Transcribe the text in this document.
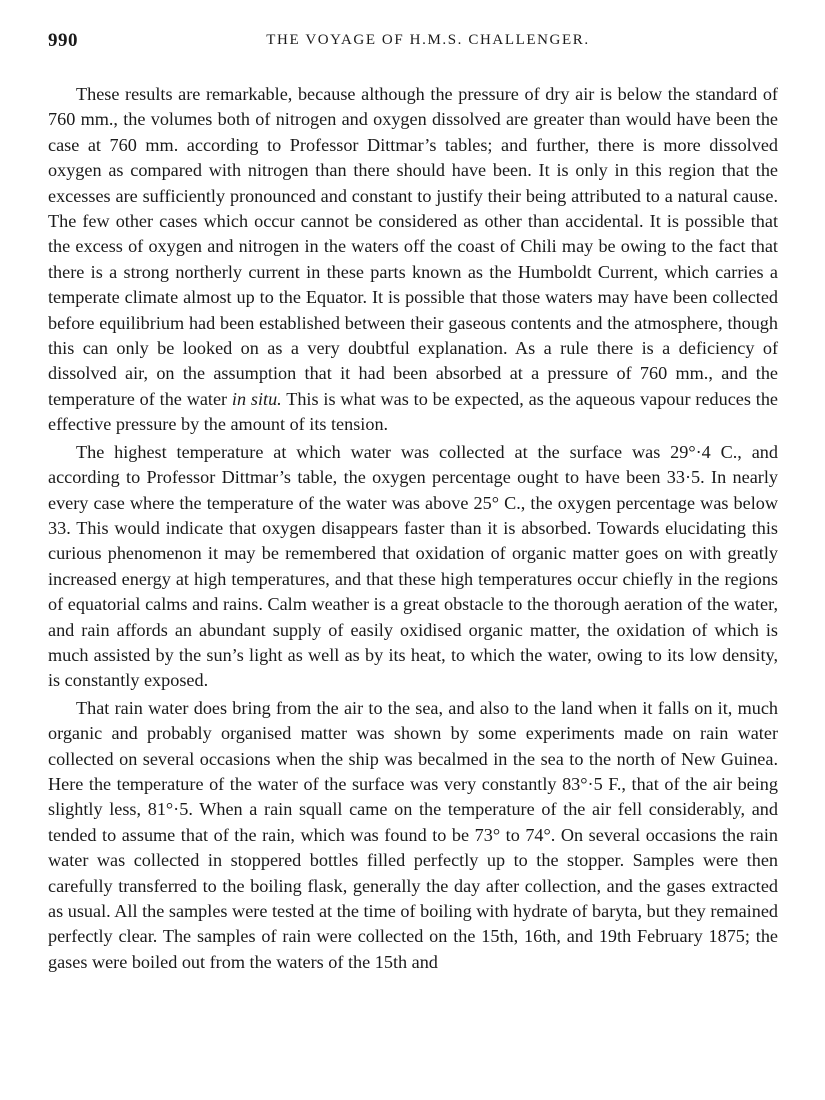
990	THE VOYAGE OF H.M.S. CHALLENGER.

These results are remarkable, because although the pressure of dry air is below the standard of 760 mm., the volumes both of nitrogen and oxygen dissolved are greater than would have been the case at 760 mm. according to Professor Dittmar’s tables; and further, there is more dissolved oxygen as compared with nitrogen than there should have been. It is only in this region that the excesses are sufficiently pronounced and constant to justify their being attributed to a natural cause. The few other cases which occur cannot be considered as other than accidental. It is possible that the excess of oxygen and nitrogen in the waters off the coast of Chili may be owing to the fact that there is a strong northerly current in these parts known as the Humboldt Current, which carries a temperate climate almost up to the Equator. It is possible that those waters may have been collected before equilibrium had been established between their gaseous contents and the atmosphere, though this can only be looked on as a very doubtful explanation. As a rule there is a deficiency of dissolved air, on the assumption that it had been absorbed at a pressure of 760 mm., and the temperature of the water in situ. This is what was to be expected, as the aqueous vapour reduces the effective pressure by the amount of its tension.

The highest temperature at which water was collected at the surface was 29°·4 C., and according to Professor Dittmar’s table, the oxygen percentage ought to have been 33·5. In nearly every case where the temperature of the water was above 25° C., the oxygen percentage was below 33. This would indicate that oxygen disappears faster than it is absorbed. Towards elucidating this curious phenomenon it may be remembered that oxidation of organic matter goes on with greatly increased energy at high temperatures, and that these high temperatures occur chiefly in the regions of equatorial calms and rains. Calm weather is a great obstacle to the thorough aeration of the water, and rain affords an abundant supply of easily oxidised organic matter, the oxidation of which is much assisted by the sun’s light as well as by its heat, to which the water, owing to its low density, is constantly exposed.

That rain water does bring from the air to the sea, and also to the land when it falls on it, much organic and probably organised matter was shown by some experiments made on rain water collected on several occasions when the ship was becalmed in the sea to the north of New Guinea. Here the temperature of the water of the surface was very constantly 83°·5 F., that of the air being slightly less, 81°·5. When a rain squall came on the temperature of the air fell considerably, and tended to assume that of the rain, which was found to be 73° to 74°. On several occasions the rain water was collected in stoppered bottles filled perfectly up to the stopper. Samples were then carefully transferred to the boiling flask, generally the day after collection, and the gases extracted as usual. All the samples were tested at the time of boiling with hydrate of baryta, but they remained perfectly clear. The samples of rain were collected on the 15th, 16th, and 19th February 1875; the gases were boiled out from the waters of the 15th and
